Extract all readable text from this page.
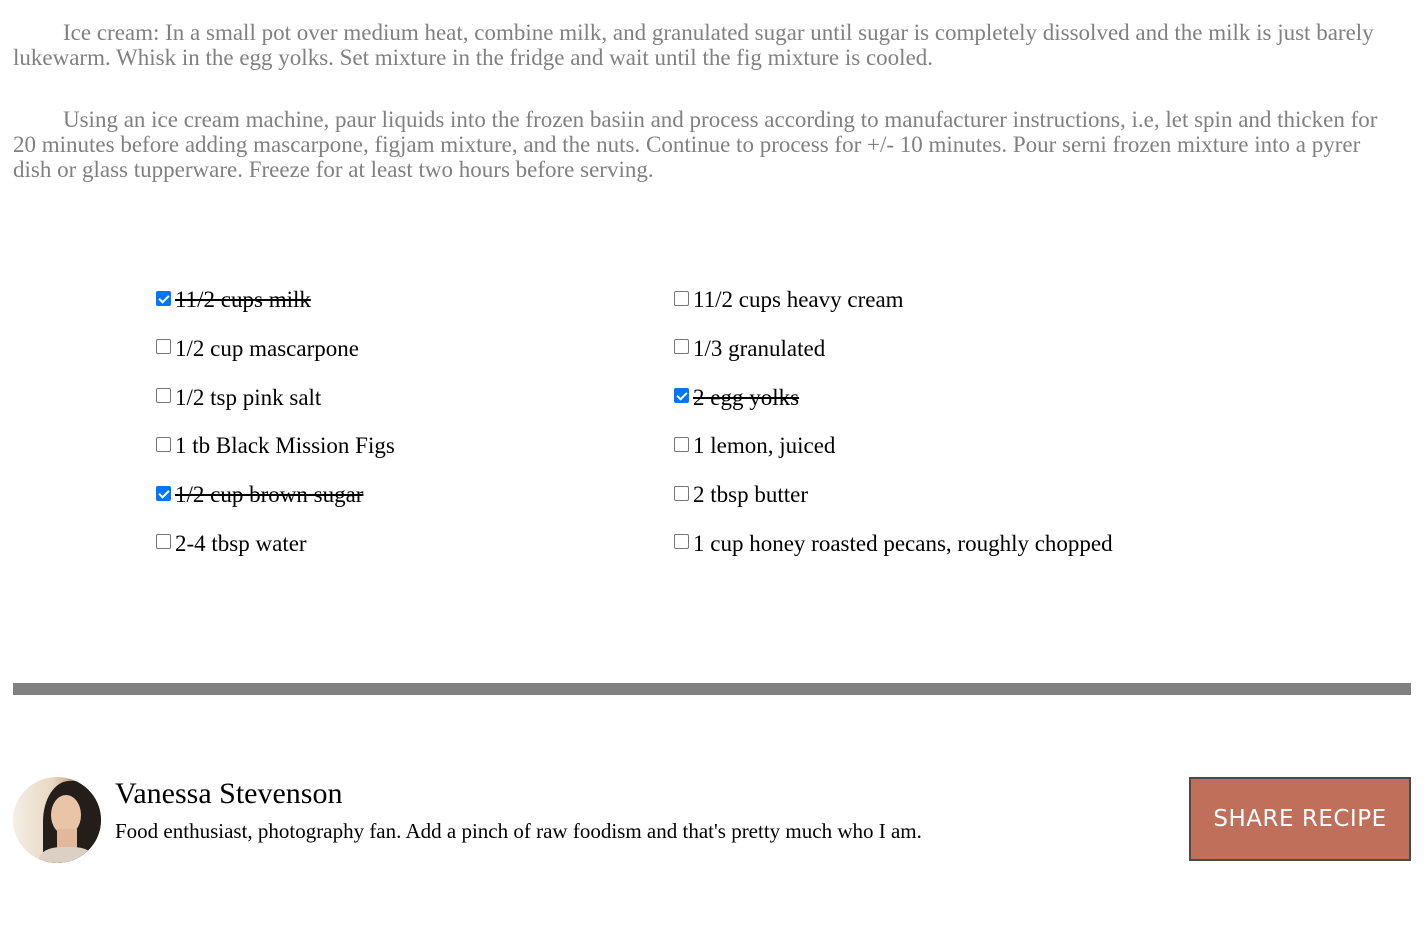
Ice cream: In a small pot over medium heat, combine milk, and granulated sugar until sugar is completely dissolved and the milk is just barely lukewarm. Whisk in the egg yolks. Set mixture in the fridge and wait until the fig mixture is cooled.

Using an ice cream machine, paur liquids into the frozen basiin and process according to manufacturer instructions, i.e, let spin and thicken for 20 minutes before adding mascarpone, figjam mixture, and the nuts. Continue to process for +/- 10 minutes. Pour serni frozen mixture into a pyrer dish or glass tupperware. Freeze for at least two hours before serving.

11/2 cups milk	11/2 cups heavy cream
1/2 cup mascarpone	1/3 granulated
1/2 tsp pink salt	2 egg yolks
1 tb Black Mission Figs	1 lemon, juiced
1/2 cup brown sugar	2 tbsp butter
2-4 tbsp water	1 cup honey roasted pecans, roughly chopped
Vanessa Stevenson
Food enthusiast, photography fan. Add a pinch of raw foodism and that's pretty much who I am.	SHARE RECIPE
